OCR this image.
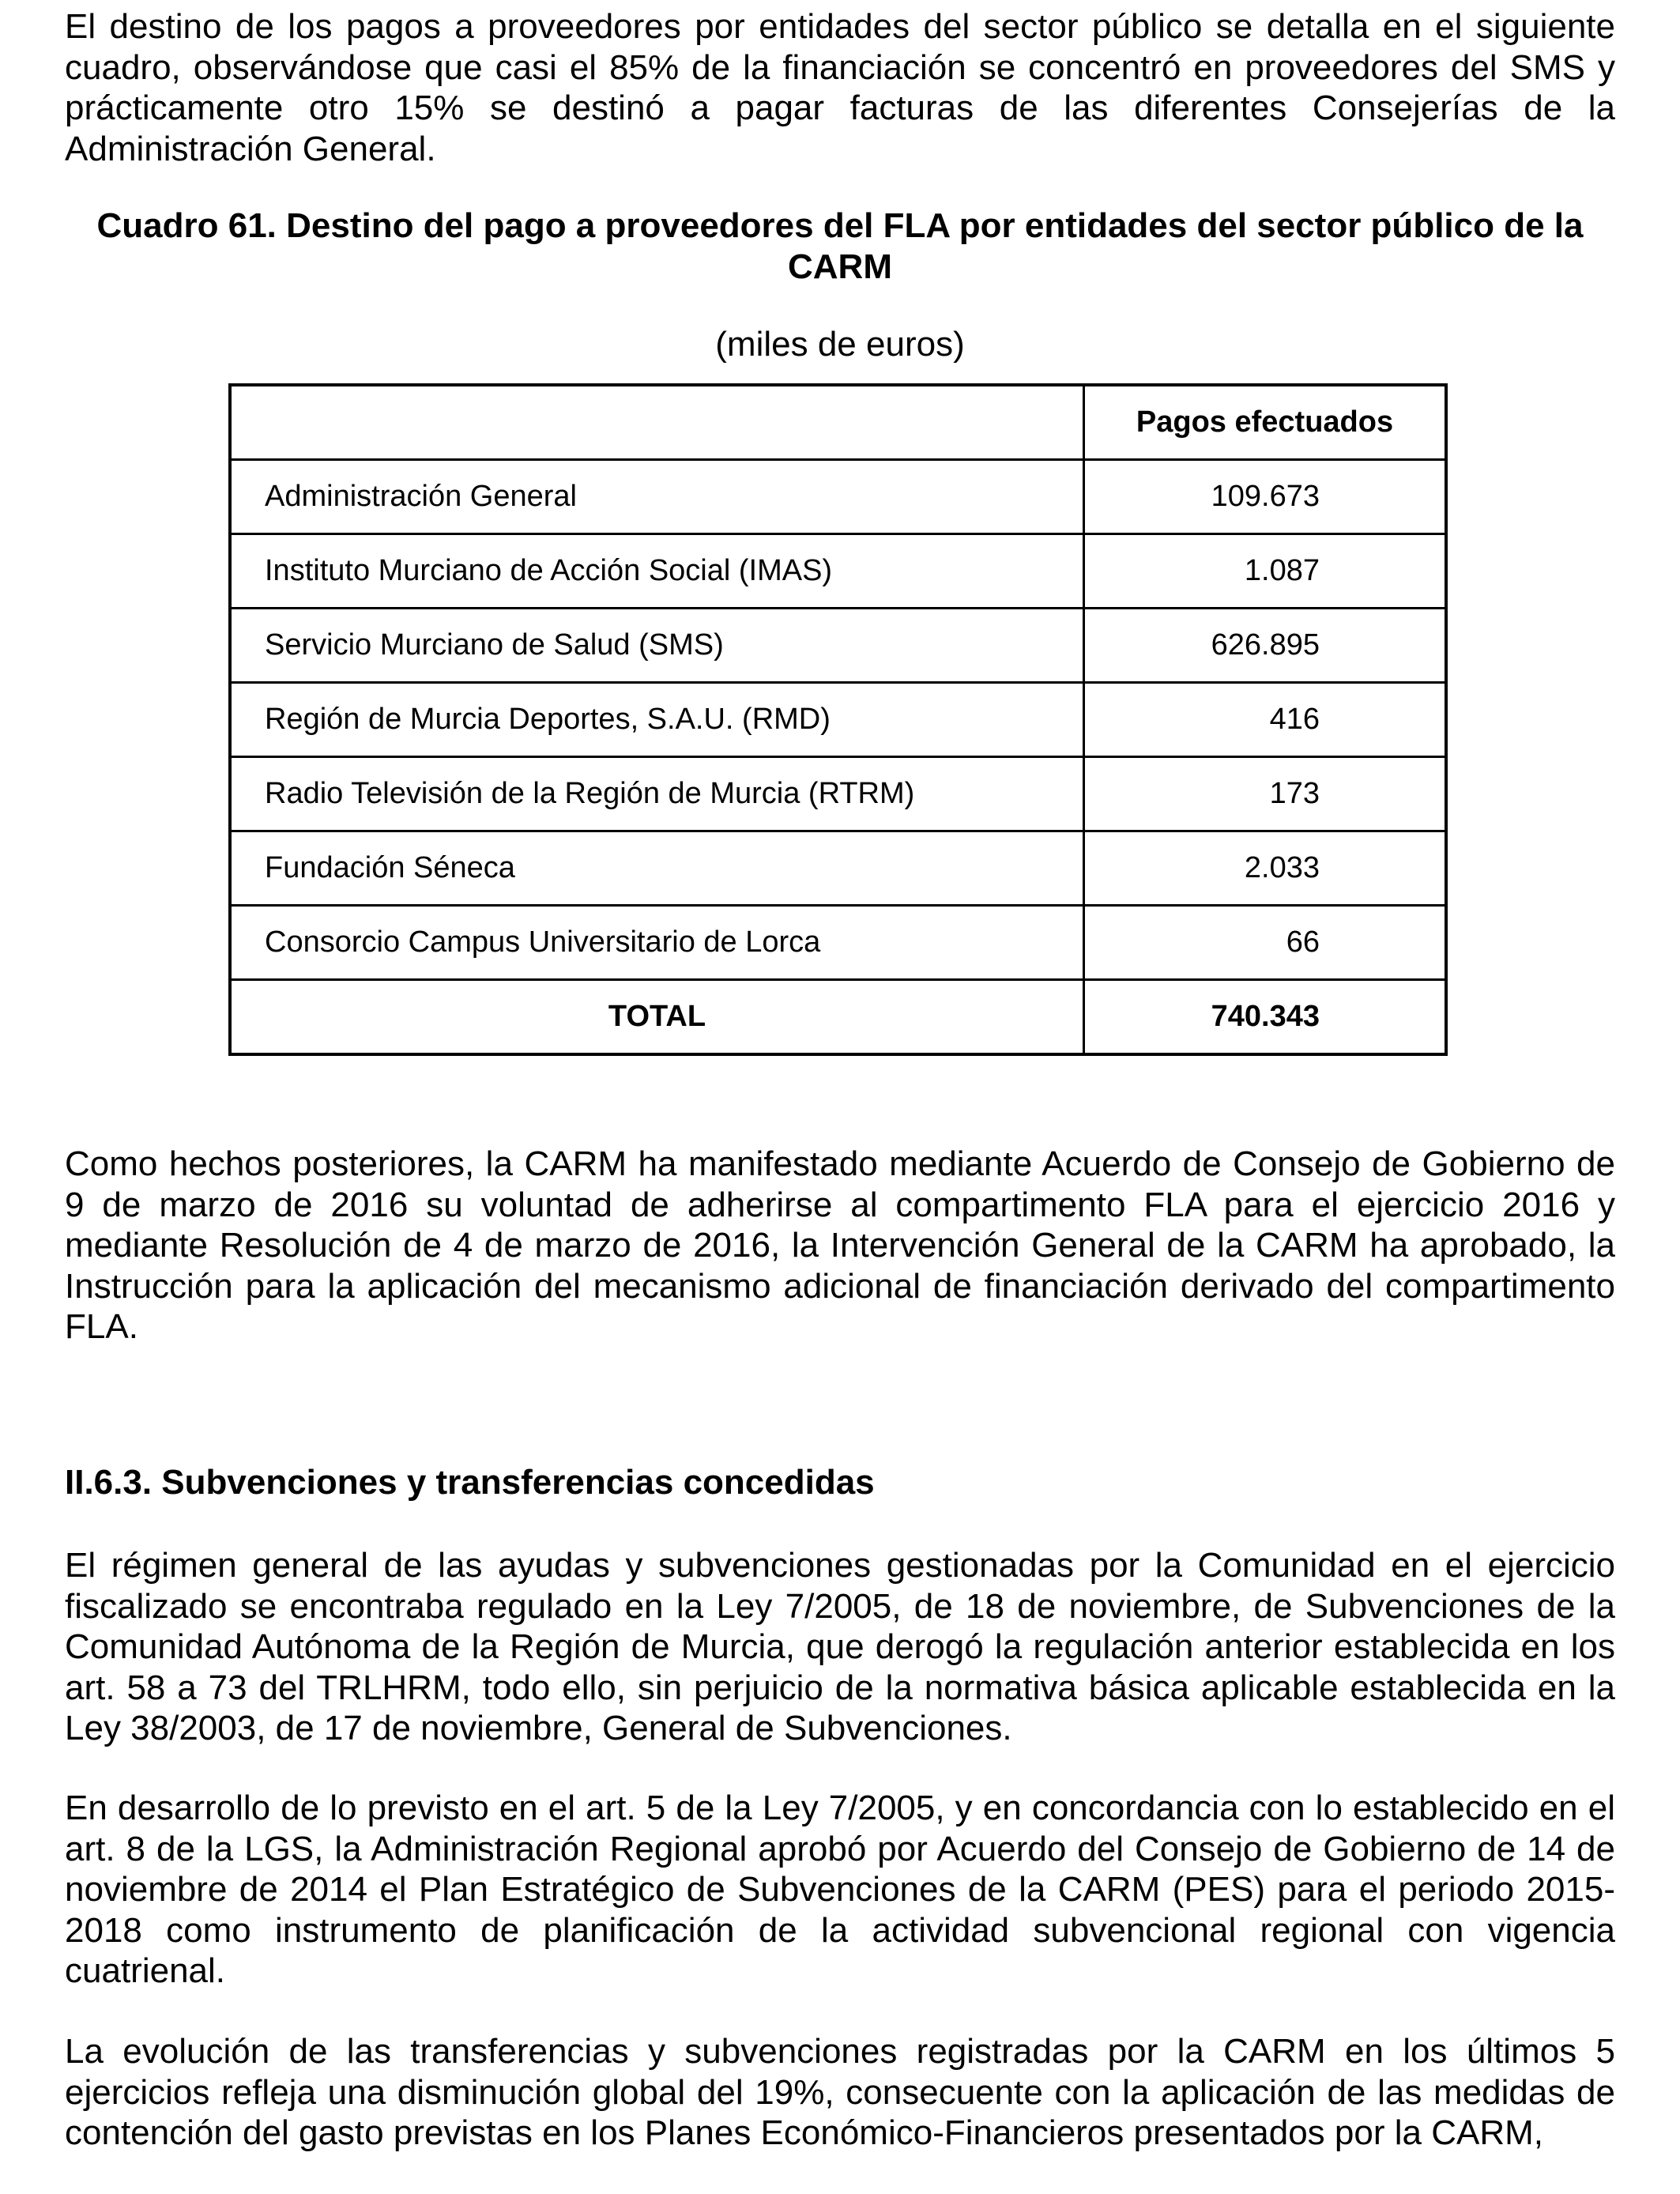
El destino de los pagos a proveedores por entidades del sector público se detalla en el siguiente cuadro, observándose que casi el 85% de la financiación se concentró en proveedores del SMS y prácticamente otro 15% se destinó a pagar facturas de las diferentes Consejerías de la Administración General.

Cuadro 61. Destino del pago a proveedores del FLA por entidades del sector público de la
CARM

(miles de euros)

	Pagos efectuados
Administración General	109.673
Instituto Murciano de Acción Social (IMAS)	1.087
Servicio Murciano de Salud (SMS)	626.895
Región de Murcia Deportes, S.A.U. (RMD)	416
Radio Televisión de la Región de Murcia (RTRM)	173
Fundación Séneca	2.033
Consorcio Campus Universitario de Lorca	66
TOTAL	740.343

Como hechos posteriores, la CARM ha manifestado mediante Acuerdo de Consejo de Gobierno de 9 de marzo de 2016 su voluntad de adherirse al compartimento FLA para el ejercicio 2016 y mediante Resolución de 4 de marzo de 2016, la Intervención General de la CARM ha aprobado, la Instrucción para la aplicación del mecanismo adicional de financiación derivado del compartimento FLA.

II.6.3. Subvenciones y transferencias concedidas

El régimen general de las ayudas y subvenciones gestionadas por la Comunidad en el ejercicio fiscalizado se encontraba regulado en la Ley 7/2005, de 18 de noviembre, de Subvenciones de la Comunidad Autónoma de la Región de Murcia, que derogó la regulación anterior establecida en los art. 58 a 73 del TRLHRM, todo ello, sin perjuicio de la normativa básica aplicable establecida en la Ley 38/2003, de 17 de noviembre, General de Subvenciones.

En desarrollo de lo previsto en el art. 5 de la Ley 7/2005, y en concordancia con lo establecido en el art. 8 de la LGS, la Administración Regional aprobó por Acuerdo del Consejo de Gobierno de 14 de noviembre de 2014 el Plan Estratégico de Subvenciones de la CARM (PES) para el periodo 2015-2018 como instrumento de planificación de la actividad subvencional regional con vigencia cuatrienal.

La evolución de las transferencias y subvenciones registradas por la CARM en los últimos 5 ejercicios refleja una disminución global del 19%, consecuente con la aplicación de las medidas de contención del gasto previstas en los Planes Económico-Financieros presentados por la CARM,
